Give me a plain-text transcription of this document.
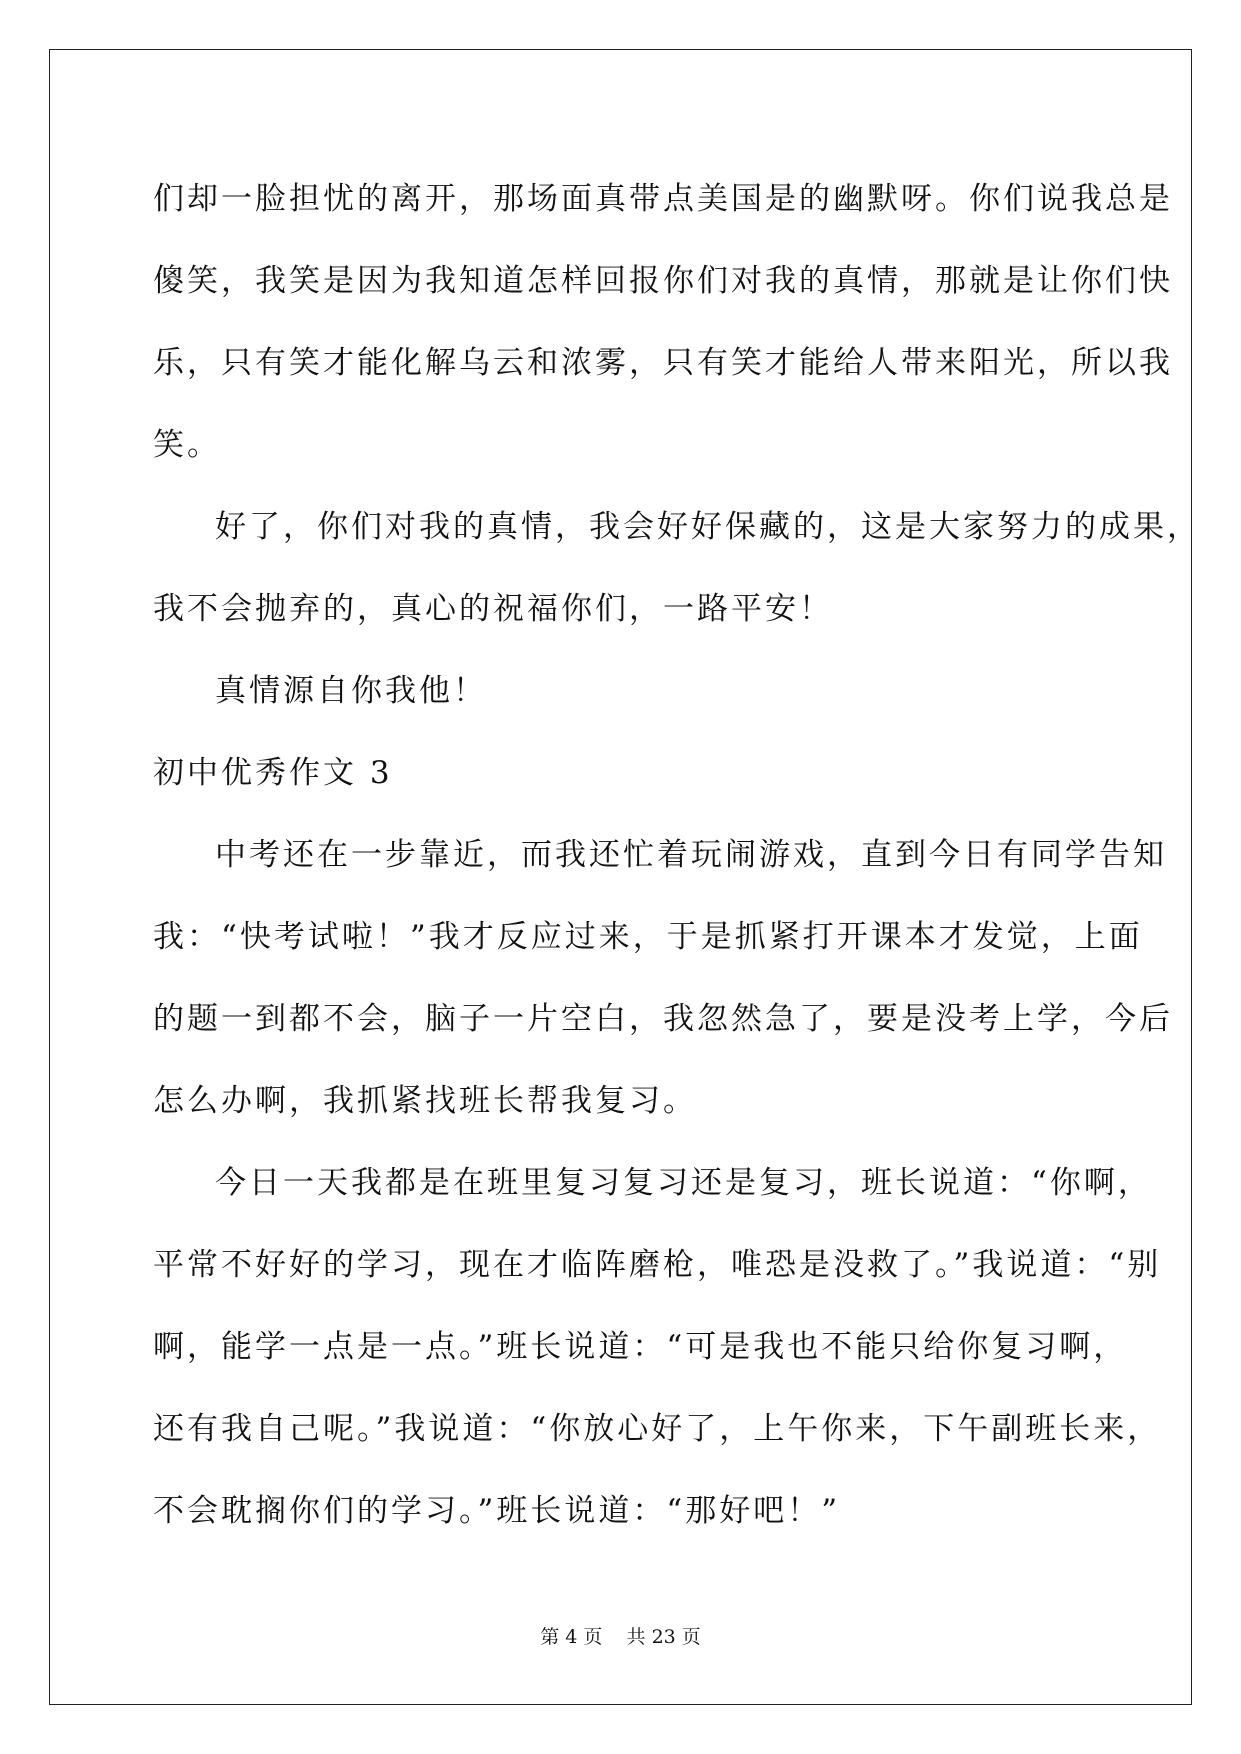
们却一脸担忧的离开，那场面真带点美国是的幽默呀。你们说我总是
傻笑，我笑是因为我知道怎样回报你们对我的真情，那就是让你们快
乐，只有笑才能化解乌云和浓雾，只有笑才能给人带来阳光，所以我
笑。
好了，你们对我的真情，我会好好保藏的，这是大家努力的成果，
我不会抛弃的，真心的祝福你们，一路平安！
真情源自你我他！
初中优秀作文 3
中考还在一步靠近，而我还忙着玩闹游戏，直到今日有同学告知
我：“快考试啦！”我才反应过来，于是抓紧打开课本才发觉，上面
的题一到都不会，脑子一片空白，我忽然急了，要是没考上学，今后
怎么办啊，我抓紧找班长帮我复习。
今日一天我都是在班里复习复习还是复习，班长说道：“你啊，
平常不好好的学习，现在才临阵磨枪，唯恐是没救了。”我说道：“别
啊，能学一点是一点。”班长说道：“可是我也不能只给你复习啊，
还有我自己呢。”我说道：“你放心好了，上午你来，下午副班长来，
不会耽搁你们的学习。”班长说道：“那好吧！”
第 4 页    共 23 页
